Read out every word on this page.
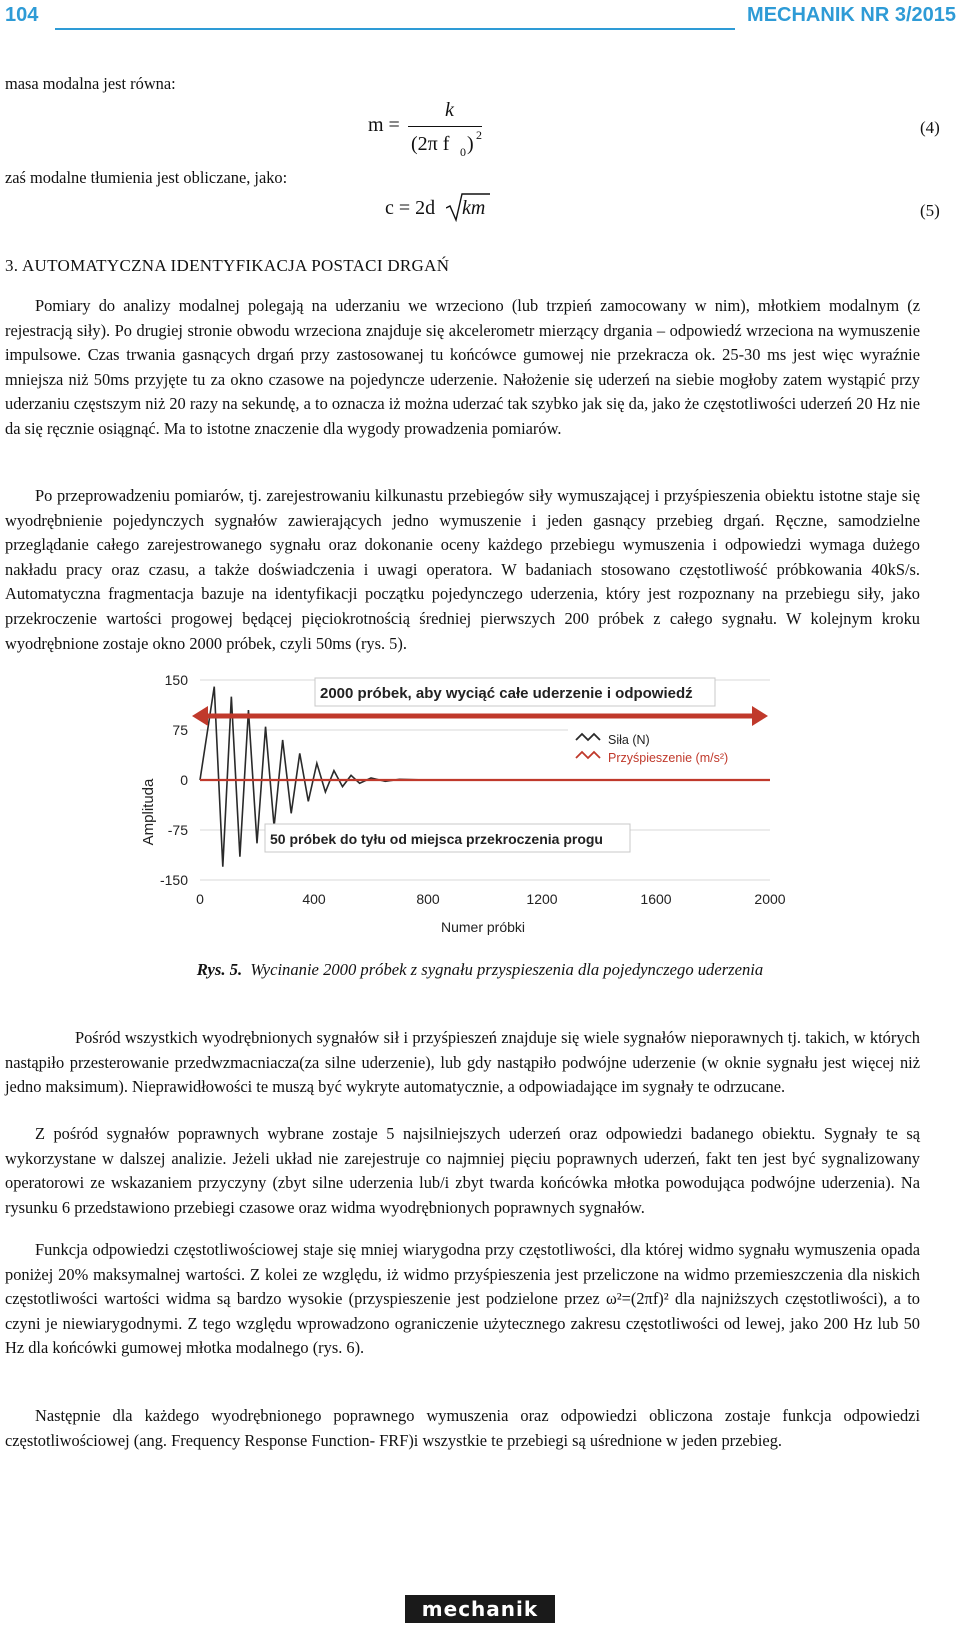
104	MECHANIK NR 3/2015
masa modalna jest równa:
zaś modalne tłumienia jest obliczane, jako:
m =
k
(2π f 0 ) 2	(4)
c = 2d km	(5)
3. AUTOMATYCZNA IDENTYFIKACJA POSTACI DRGAŃ
Pomiary do analizy modalnej polegają na uderzaniu we wrzeciono (lub trzpień zamocowany w nim), młotkiem modalnym (z rejestracją siły). Po drugiej stronie obwodu wrzeciona znajduje się akcelerometr mierzący drgania – odpowiedź wrzeciona na wymuszenie impulsowe. Czas trwania gasnących drgań przy zastosowanej tu końcówce gumowej nie przekracza ok. 25-30 ms jest więc wyraźnie mniejsza niż 50ms przyjęte tu za okno czasowe na pojedyncze uderzenie. Nałożenie się uderzeń na siebie mogłoby zatem wystąpić przy uderzaniu częstszym niż 20 razy na sekundę, a to oznacza iż można uderzać tak szybko jak się da, jako że częstotliwości uderzeń 20 Hz nie da się ręcznie osiągnąć. Ma to istotne znaczenie dla wygody prowadzenia pomiarów.
Po przeprowadzeniu pomiarów, tj. zarejestrowaniu kilkunastu przebiegów siły wymuszającej i przyśpieszenia obiektu istotne staje się wyodrębnienie pojedynczych sygnałów zawierających jedno wymuszenie i jeden gasnący przebieg drgań. Ręczne, samodzielne przeglądanie całego zarejestrowanego sygnału oraz dokonanie oceny każdego przebiegu wymuszenia i odpowiedzi wymaga dużego nakładu pracy oraz czasu, a także doświadczenia i uwagi operatora. W badaniach stosowano częstotliwość próbkowania 40kS/s. Automatyczna fragmentacja bazuje na identyfikacji początku pojedynczego uderzenia, który jest rozpoznany na przebiegu siły, jako przekroczenie wartości progowej będącej pięciokrotnością średniej pierwszych 200 próbek z całego sygnału. W kolejnym kroku wyodrębnione zostaje okno 2000 próbek, czyli 50ms (rys. 5).
150
75
0
-75
-150
0	400	800	1200	1600	2000
2000 próbek, aby wyciąć całe uderzenie i odpowiedź
50 próbek do tyłu od miejsca przekroczenia progu
Siła (N)
Przyśpieszenie (m/s²)
Amplituda
Numer próbki
Rys. 5. Wycinanie 2000 próbek z sygnału przyspieszenia dla pojedynczego uderzenia
Pośród wszystkich wyodrębnionych sygnałów sił i przyśpieszeń znajduje się wiele sygnałów nieporawnych tj. takich, w których nastąpiło przesterowanie przedwzmacniacza(za silne uderzenie), lub gdy nastąpiło podwójne uderzenie (w oknie sygnału jest więcej niż jedno maksimum). Nieprawidłowości te muszą być wykryte automatycznie, a odpowiadające im sygnały te odrzucane.
Z pośród sygnałów poprawnych wybrane zostaje 5 najsilniejszych uderzeń oraz odpowiedzi badanego obiektu. Sygnały te są wykorzystane w dalszej analizie. Jeżeli układ nie zarejestruje co najmniej pięciu poprawnych uderzeń, fakt ten jest być sygnalizowany operatorowi ze wskazaniem przyczyny (zbyt silne uderzenia lub/i zbyt twarda końcówka młotka powodująca podwójne uderzenia). Na rysunku 6 przedstawiono przebiegi czasowe oraz widma wyodrębnionych poprawnych sygnałów.
Funkcja odpowiedzi częstotliwościowej staje się mniej wiarygodna przy częstotliwości, dla której widmo sygnału wymuszenia opada poniżej 20% maksymalnej wartości. Z kolei ze względu, iż widmo przyśpieszenia jest przeliczone na widmo przemieszczenia dla niskich częstotliwości wartości widma są bardzo wysokie (przyspieszenie jest podzielone przez ω²=(2πf)² dla najniższych częstotliwości), a to czyni je niewiarygodnymi. Z tego względu wprowadzono ograniczenie użytecznego zakresu częstotliwości od lewej, jako 200 Hz lub 50 Hz dla końcówki gumowej młotka modalnego (rys. 6).
Następnie dla każdego wyodrębnionego poprawnego wymuszenia oraz odpowiedzi obliczona zostaje funkcja odpowiedzi częstotliwościowej (ang. Frequency Response Function- FRF)i wszystkie te przebiegi są uśrednione w jeden przebieg.
mechanik
